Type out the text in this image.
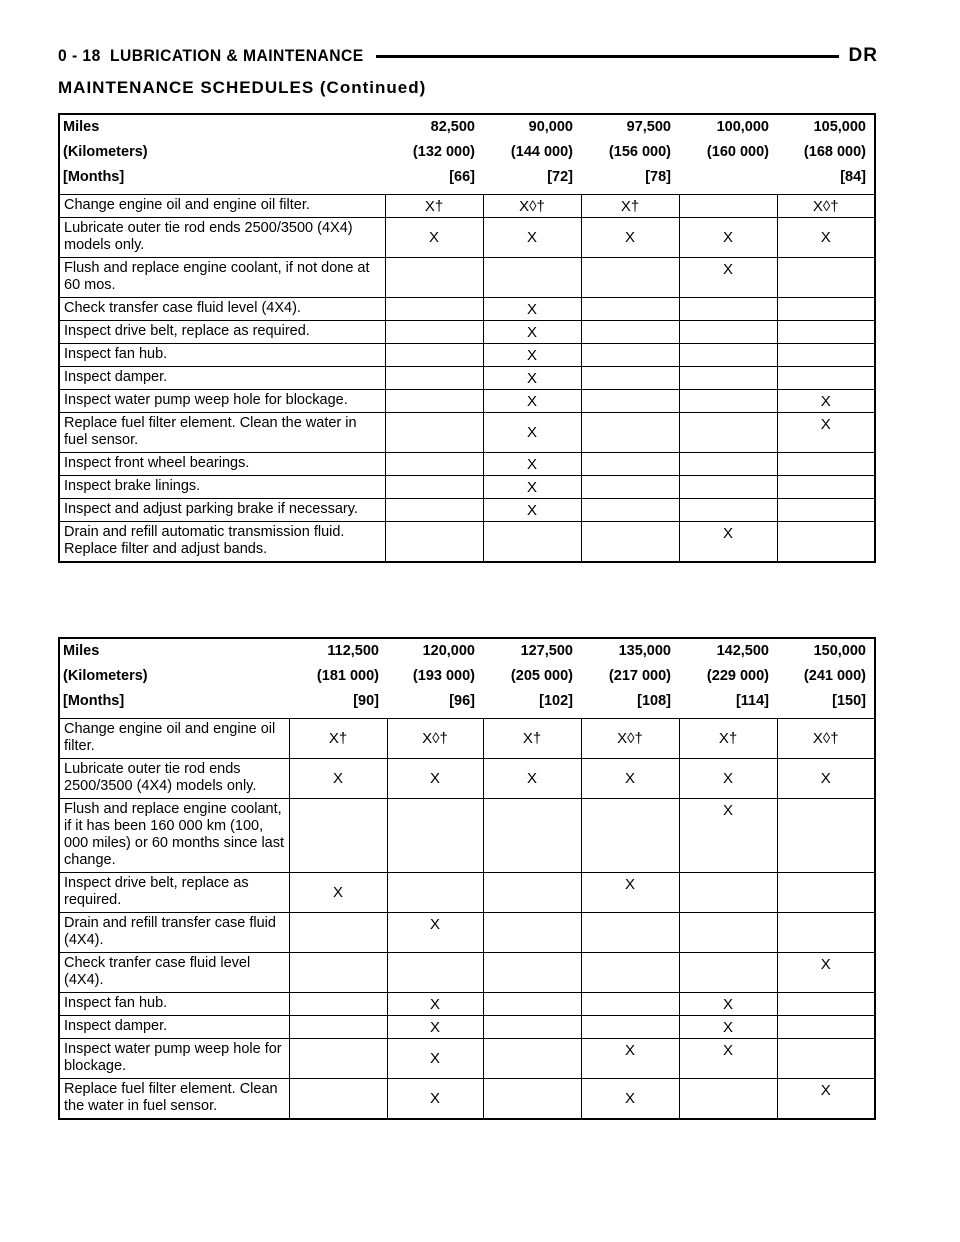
0 - 18 LUBRICATION & MAINTENANCE	DR
MAINTENANCE SCHEDULES (Continued)
Miles	82,500	90,000	97,500	100,000	105,000
(Kilometers)	(132 000)	(144 000)	(156 000)	(160 000)	(168 000)
[Months]	[66]	[72]	[78]		[84]
Change engine oil and engine oil filter.	X†	X◊†	X†		X◊†
Lubricate outer tie rod ends 2500/3500 (4X4) models only.	X	X	X	X	X
Flush and replace engine coolant, if not done at 60 mos.				X	
Check transfer case fluid level (4X4).		X			
Inspect drive belt, replace as required.		X			
Inspect fan hub.		X			
Inspect damper.		X			
Inspect water pump weep hole for blockage.		X			X
Replace fuel filter element. Clean the water in fuel sensor.		X			X
Inspect front wheel bearings.		X			
Inspect brake linings.		X			
Inspect and adjust parking brake if necessary.		X			
Drain and refill automatic transmission fluid. Replace filter and adjust bands.				X	
Miles	112,500	120,000	127,500	135,000	142,500	150,000
(Kilometers)	(181 000)	(193 000)	(205 000)	(217 000)	(229 000)	(241 000)
[Months]	[90]	[96]	[102]	[108]	[114]	[150]
Change engine oil and engine oil filter.	X†	X◊†	X†	X◊†	X†	X◊†
Lubricate outer tie rod ends 2500/3500 (4X4) models only.	X	X	X	X	X	X
Flush and replace engine coolant, if it has been 160 000 km (100, 000 miles) or 60 months since last change.					X	
Inspect drive belt, replace as required.	X			X		
Drain and refill transfer case fluid (4X4).		X				
Check tranfer case fluid level (4X4).						X
Inspect fan hub.		X			X	
Inspect damper.		X			X	
Inspect water pump weep hole for blockage.		X		X	X	
Replace fuel filter element. Clean the water in fuel sensor.		X		X		X
